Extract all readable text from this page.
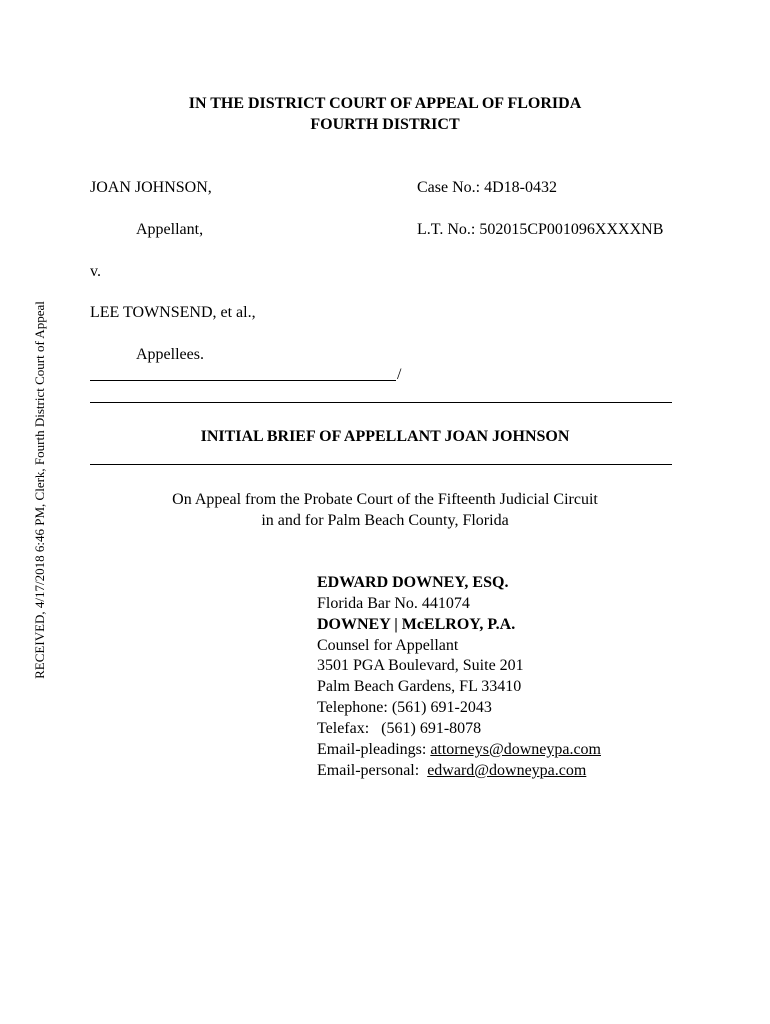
RECEIVED, 4/17/2018 6:46 PM, Clerk, Fourth District Court of Appeal
IN THE DISTRICT COURT OF APPEAL OF FLORIDA
FOURTH DISTRICT
JOAN JOHNSON,	Case No.: 4D18-0432
Appellant,	L.T. No.: 502015CP001096XXXXNB
v.
LEE TOWNSEND, et al.,
Appellees.
/
INITIAL BRIEF OF APPELLANT JOAN JOHNSON
On Appeal from the Probate Court of the Fifteenth Judicial Circuit
in and for Palm Beach County, Florida
EDWARD DOWNEY, ESQ.
Florida Bar No. 441074
DOWNEY | McELROY, P.A.
Counsel for Appellant
3501 PGA Boulevard, Suite 201
Palm Beach Gardens, FL 33410
Telephone: (561) 691-2043
Telefax:   (561) 691-8078
Email-pleadings: attorneys@downeypa.com
Email-personal:  edward@downeypa.com
